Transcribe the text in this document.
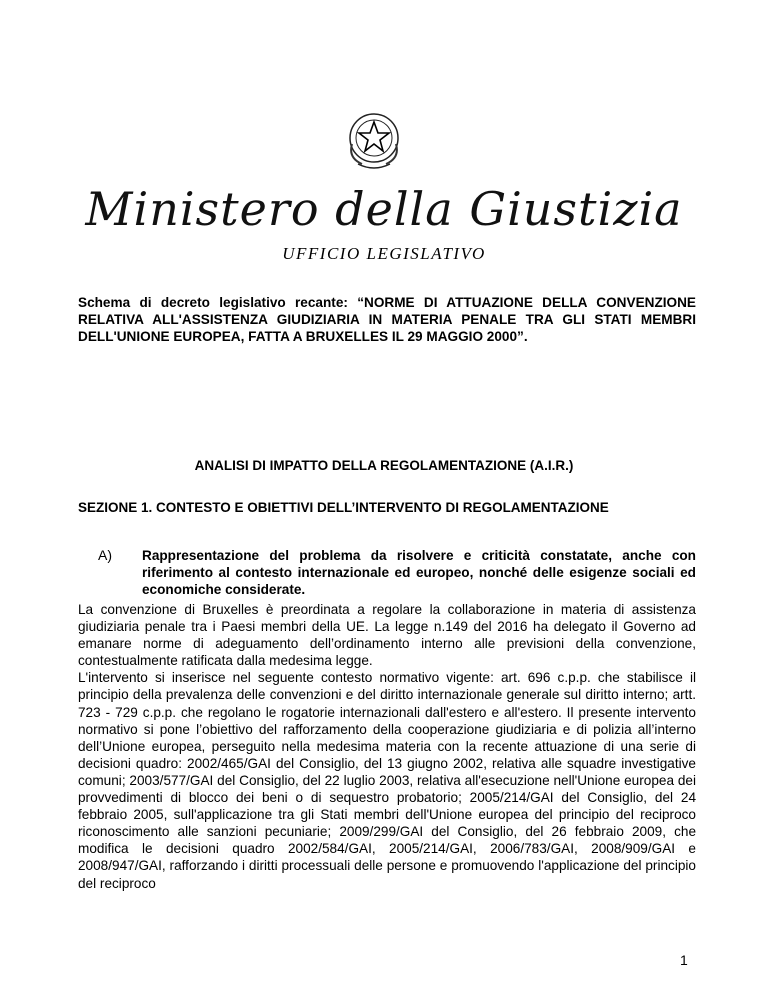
Ministero della Giustizia
UFFICIO LEGISLATIVO
Schema di decreto legislativo recante: “NORME DI ATTUAZIONE DELLA CONVENZIONE RELATIVA ALL'ASSISTENZA GIUDIZIARIA IN MATERIA PENALE TRA GLI STATI MEMBRI DELL'UNIONE EUROPEA, FATTA A BRUXELLES IL 29 MAGGIO 2000”.
ANALISI DI IMPATTO DELLA REGOLAMENTAZIONE (A.I.R.)
SEZIONE 1. CONTESTO E OBIETTIVI DELL’INTERVENTO DI REGOLAMENTAZIONE
A) Rappresentazione del problema da risolvere e criticità constatate, anche con riferimento al contesto internazionale ed europeo, nonché delle esigenze sociali ed economiche considerate.

La convenzione di Bruxelles è preordinata a regolare la collaborazione in materia di assistenza giudiziaria penale tra i Paesi membri della UE. La legge n.149 del 2016 ha delegato il Governo ad emanare norme di adeguamento dell’ordinamento interno alle previsioni della convenzione, contestualmente ratificata dalla medesima legge.

L'intervento si inserisce nel seguente contesto normativo vigente: art. 696 c.p.p. che stabilisce il principio della prevalenza delle convenzioni e del diritto internazionale generale sul diritto interno; artt. 723 - 729 c.p.p. che regolano le rogatorie internazionali dall'estero e all'estero. Il presente intervento normativo si pone l’obiettivo del rafforzamento della cooperazione giudiziaria e di polizia all’interno dell’Unione europea, perseguito nella medesima materia con la recente attuazione di una serie di decisioni quadro: 2002/465/GAI del Consiglio, del 13 giugno 2002, relativa alle squadre investigative comuni; 2003/577/GAI del Consiglio, del 22 luglio 2003, relativa all'esecuzione nell'Unione europea dei provvedimenti di blocco dei beni o di sequestro probatorio; 2005/214/GAI del Consiglio, del 24 febbraio 2005, sull'applicazione tra gli Stati membri dell'Unione europea del principio del reciproco riconoscimento alle sanzioni pecuniarie; 2009/299/GAI del Consiglio, del 26 febbraio 2009, che modifica le decisioni quadro 2002/584/GAI, 2005/214/GAI, 2006/783/GAI, 2008/909/GAI e 2008/947/GAI, rafforzando i diritti processuali delle persone e promuovendo l'applicazione del principio del reciproco

1
